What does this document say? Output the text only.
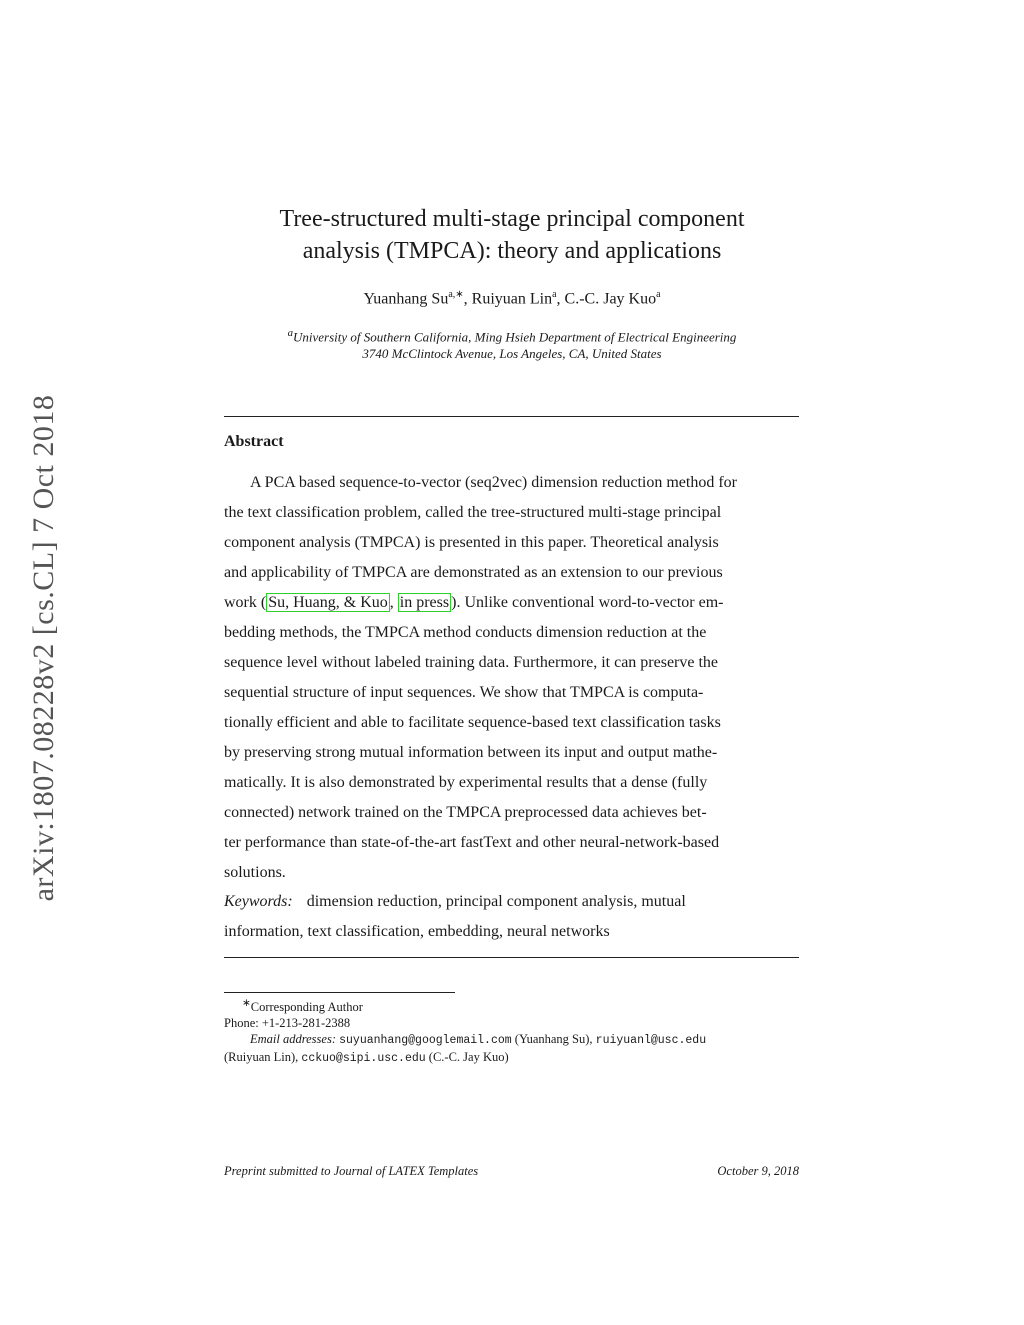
arXiv:1807.08228v2 [cs.CL] 7 Oct 2018
Tree-structured multi-stage principal component
analysis (TMPCA): theory and applications
Yuanhang $Su^{a,∗}$, Ruiyuan Lin$^a$, C.-C. Jay Kuo$^a$
$^a$University of Southern California, Ming Hsieh Department of Electrical Engineering
3740 McClintock Avenue, Los Angeles, CA, United States
Abstract
A PCA based sequence-to-vector (seq2vec) dimension reduction method for
the text classification problem, called the tree-structured multi-stage principal
component analysis (TMPCA) is presented in this paper. Theoretical analysis
and applicability of TMPCA are demonstrated as an extension to our previous
work ( Su, Huang, & Kuo , in press ). Unlike conventional word-to-vector em-
bedding methods, the TMPCA method conducts dimension reduction at the
sequence level without labeled training data. Furthermore, it can preserve the
sequential structure of input sequences. We show that TMPCA is computa-
tionally efficient and able to facilitate sequence-based text classification tasks
by preserving strong mutual information between its input and output mathe-
matically. It is also demonstrated by experimental results that a dense (fully
connected) network trained on the TMPCA preprocessed data achieves bet-
ter performance than state-of-the-art fastText and other neural-network-based
solutions.
Keywords: dimension reduction, principal component analysis, mutual
information, text classification, embedding, neural networks
∗Corresponding Author
Phone: +1-213-281-2388
Email addresses: suyuanhang@googlemail.com (Yuanhang Su), ruiyuanl@usc.edu
(Ruiyuan Lin), cckuo@sipi.usc.edu (C.-C. Jay Kuo)
Preprint submitted to Journal of LATEX Templates	October 9, 2018
